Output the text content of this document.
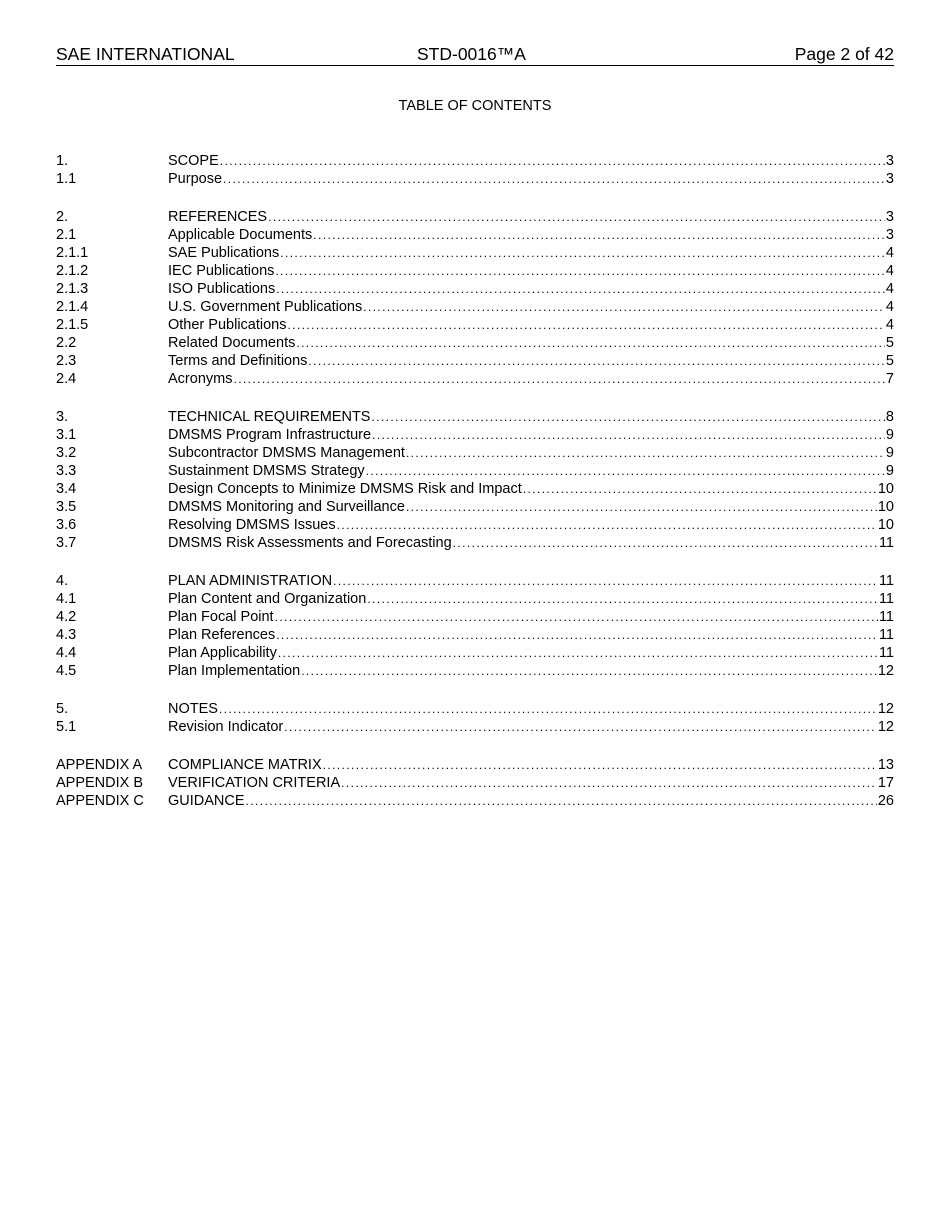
SAE INTERNATIONAL	STD-0016™A	Page 2 of 42
TABLE OF CONTENTS
1.	SCOPE .....	3
1.1	Purpose .....	3
2.	REFERENCES .....	3
2.1	Applicable Documents .....	3
2.1.1	SAE Publications .....	4
2.1.2	IEC Publications .....	4
2.1.3	ISO Publications .....	4
2.1.4	U.S. Government Publications .....	4
2.1.5	Other Publications .....	4
2.2	Related Documents .....	5
2.3	Terms and Definitions .....	5
2.4	Acronyms .....	7
3.	TECHNICAL REQUIREMENTS .....	8
3.1	DMSMS Program Infrastructure .....	9
3.2	Subcontractor DMSMS Management .....	9
3.3	Sustainment DMSMS Strategy .....	9
3.4	Design Concepts to Minimize DMSMS Risk and Impact .....	10
3.5	DMSMS Monitoring and Surveillance .....	10
3.6	Resolving DMSMS Issues .....	10
3.7	DMSMS Risk Assessments and Forecasting .....	11
4.	PLAN ADMINISTRATION .....	11
4.1	Plan Content and Organization .....	11
4.2	Plan Focal Point .....	11
4.3	Plan References .....	11
4.4	Plan Applicability .....	11
4.5	Plan Implementation .....	12
5.	NOTES .....	12
5.1	Revision Indicator .....	12
APPENDIX A COMPLIANCE MATRIX .....	13
APPENDIX B VERIFICATION CRITERIA .....	17
APPENDIX C GUIDANCE .....	26
